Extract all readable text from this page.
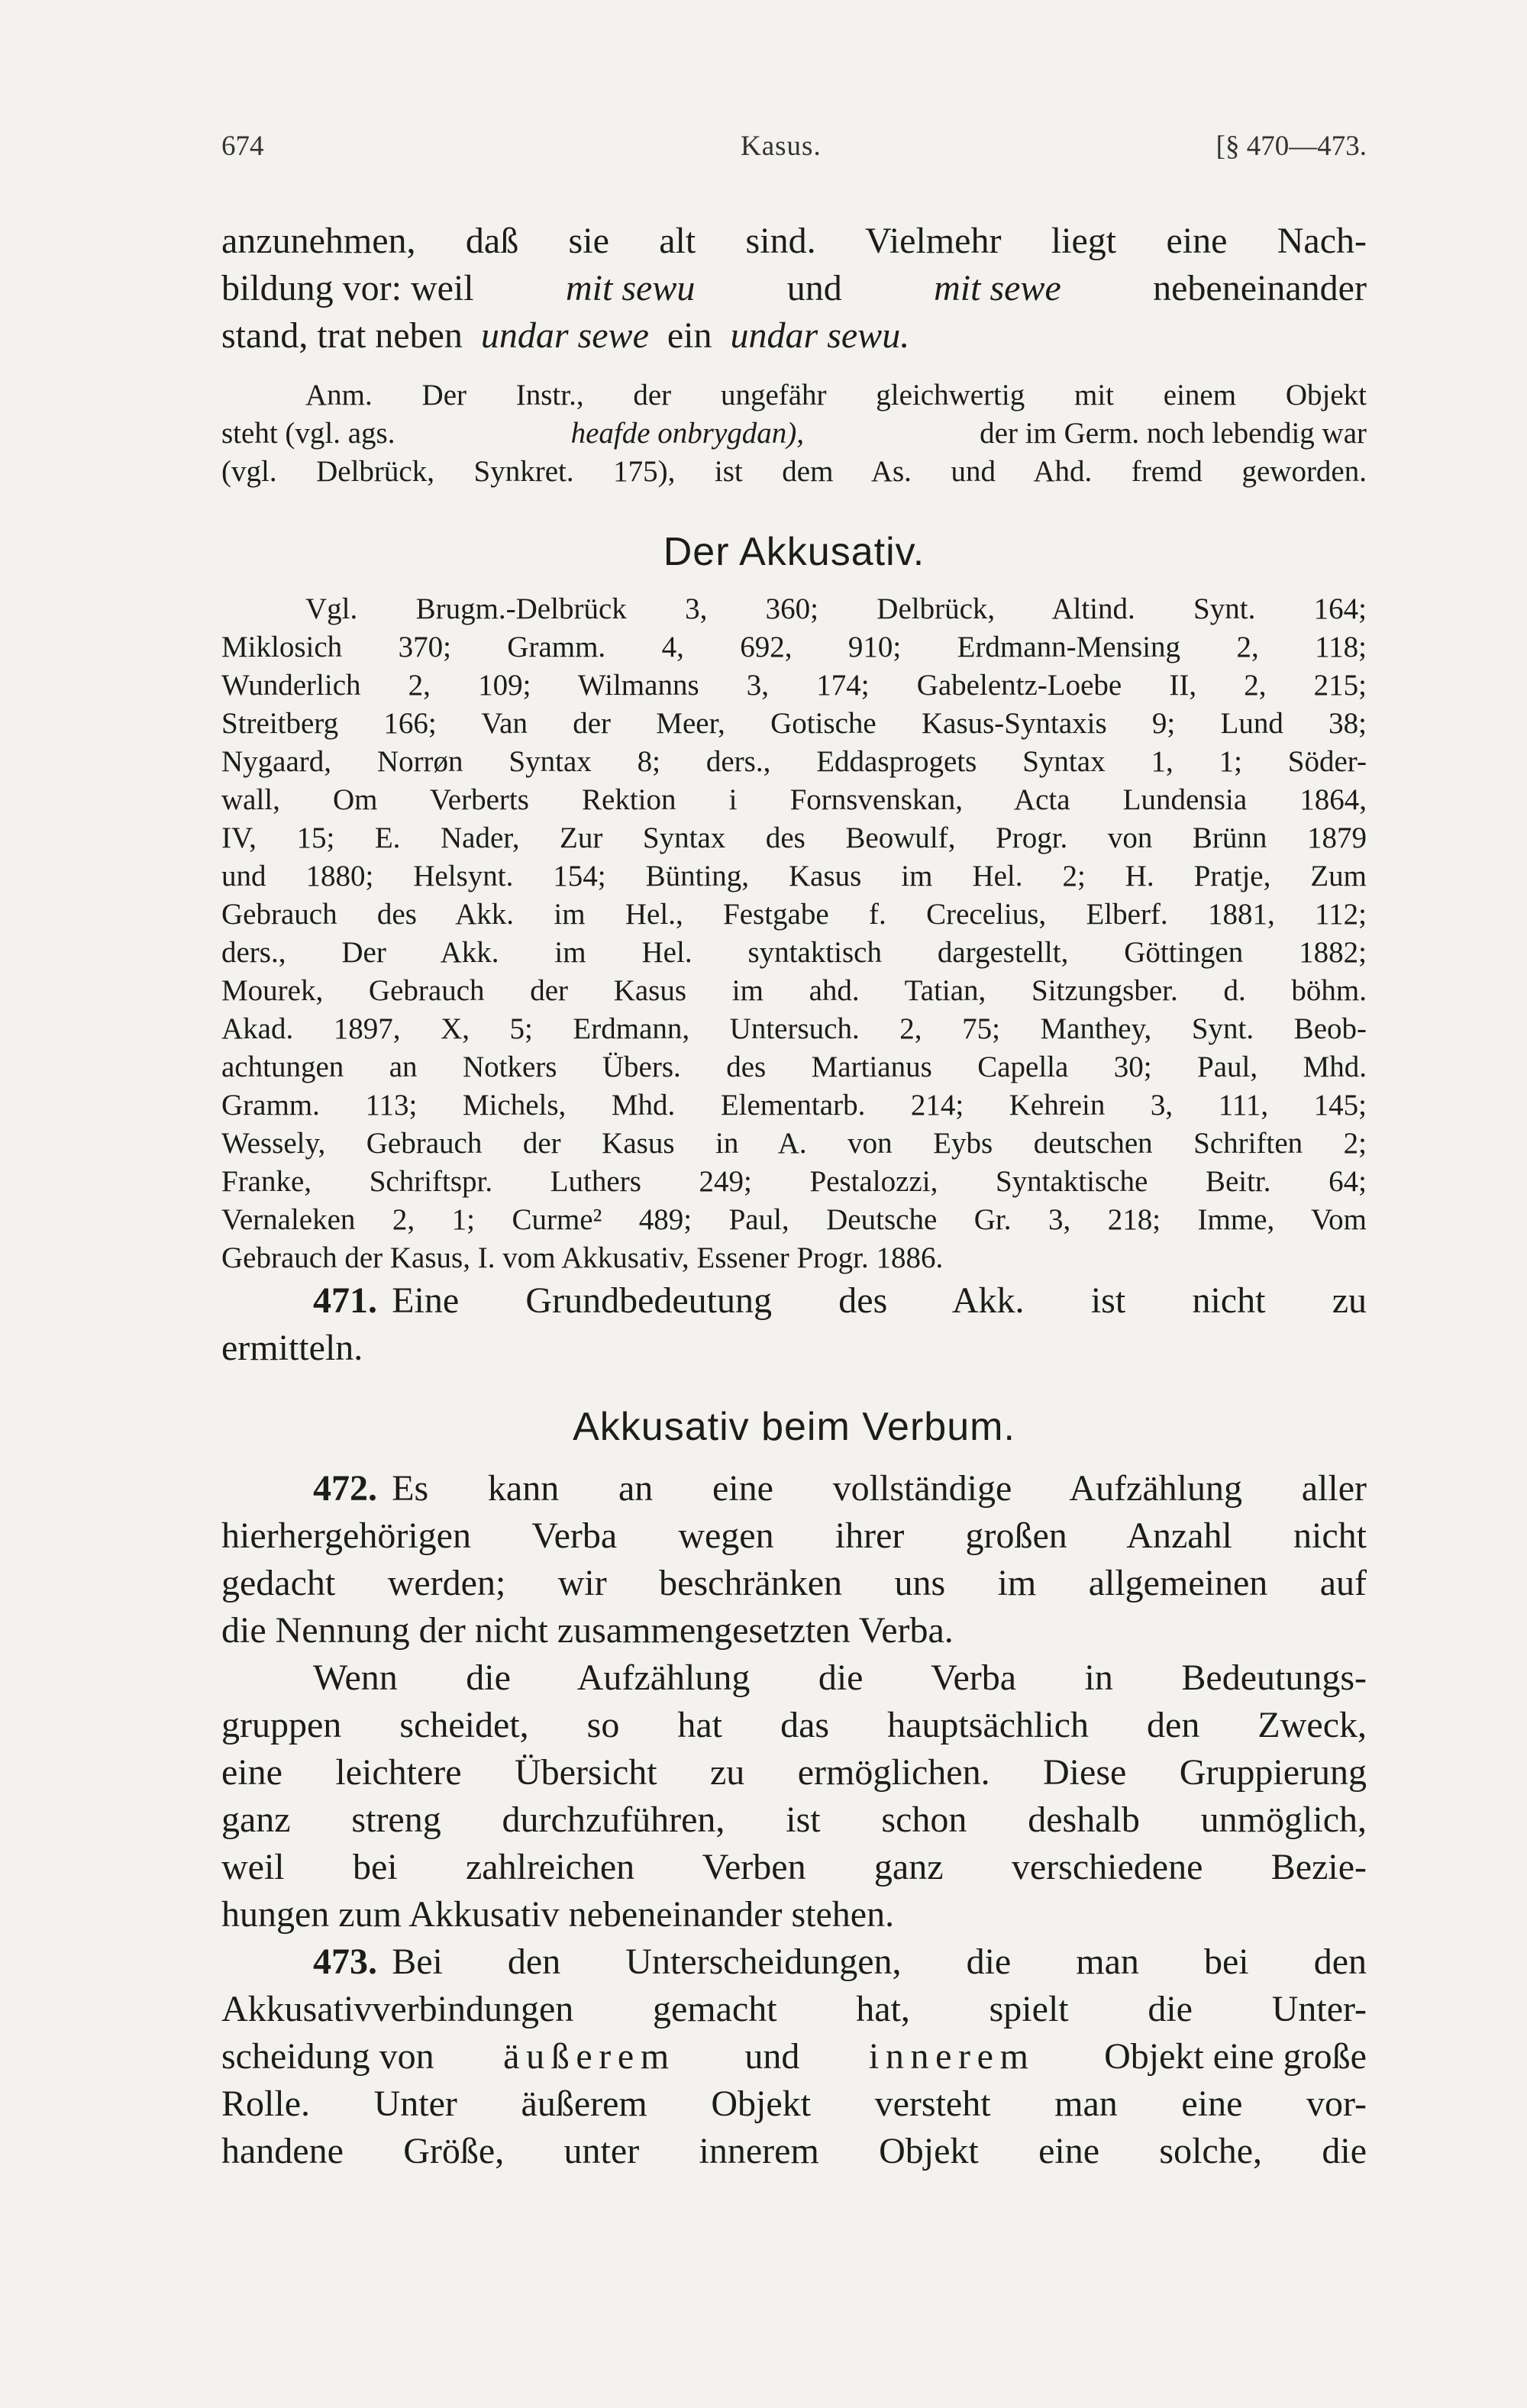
674	Kasus.	[§ 470—473.
anzunehmen, daß sie alt sind. Vielmehr liegt eine Nach-
bildung vor: weil	mit sewu	und	mit sewe	nebeneinander
stand, trat neben undar sewe ein undar sewu.
Anm. Der Instr., der ungefähr gleichwertig mit einem Objekt
steht (vgl. ags.	heafde onbrygdan),	der im Germ. noch lebendig war
(vgl. Delbrück, Synkret. 175), ist dem As. und Ahd. fremd geworden.
Der Akkusativ.
Vgl. Brugm.-Delbrück 3, 360; Delbrück, Altind. Synt. 164;
Miklosich 370; Gramm. 4, 692, 910; Erdmann-Mensing 2, 118;
Wunderlich 2, 109; Wilmanns 3, 174; Gabelentz-Loebe II, 2, 215;
Streitberg 166; Van der Meer, Gotische Kasus-Syntaxis 9; Lund 38;
Nygaard, Norrøn Syntax 8; ders., Eddasprogets Syntax 1, 1; Söder-
wall, Om Verberts Rektion i Fornsvenskan, Acta Lundensia 1864,
IV, 15; E. Nader, Zur Syntax des Beowulf, Progr. von Brünn 1879
und 1880; Helsynt. 154; Bünting, Kasus im Hel. 2; H. Pratje, Zum
Gebrauch des Akk. im Hel., Festgabe f. Crecelius, Elberf. 1881, 112;
ders., Der Akk. im Hel. syntaktisch dargestellt, Göttingen 1882;
Mourek, Gebrauch der Kasus im ahd. Tatian, Sitzungsber. d. böhm.
Akad. 1897, X, 5; Erdmann, Untersuch. 2, 75; Manthey, Synt. Beob-
achtungen an Notkers Übers. des Martianus Capella 30; Paul, Mhd.
Gramm. 113; Michels, Mhd. Elementarb. 214; Kehrein 3, 111, 145;
Wessely, Gebrauch der Kasus in A. von Eybs deutschen Schriften 2;
Franke, Schriftspr. Luthers 249; Pestalozzi, Syntaktische Beitr. 64;
Vernaleken 2, 1; Curme² 489; Paul, Deutsche Gr. 3, 218; Imme, Vom
Gebrauch der Kasus, I. vom Akkusativ, Essener Progr. 1886.
471. Eine Grundbedeutung des Akk. ist nicht zu
ermitteln.
Akkusativ beim Verbum.
472. Es kann an eine vollständige Aufzählung aller
hierhergehörigen Verba wegen ihrer großen Anzahl nicht
gedacht werden; wir beschränken uns im allgemeinen auf
die Nennung der nicht zusammengesetzten Verba.
Wenn die Aufzählung die Verba in Bedeutungs-
gruppen scheidet, so hat das hauptsächlich den Zweck,
eine leichtere Übersicht zu ermöglichen. Diese Gruppierung
ganz streng durchzuführen, ist schon deshalb unmöglich,
weil bei zahlreichen Verben ganz verschiedene Bezie-
hungen zum Akkusativ nebeneinander stehen.
473. Bei den Unterscheidungen, die man bei den
Akkusativverbindungen gemacht hat, spielt die Unter-
scheidung von äußerem und innerem Objekt eine große
Rolle. Unter äußerem Objekt versteht man eine vor-
handene Größe, unter innerem Objekt eine solche, die
